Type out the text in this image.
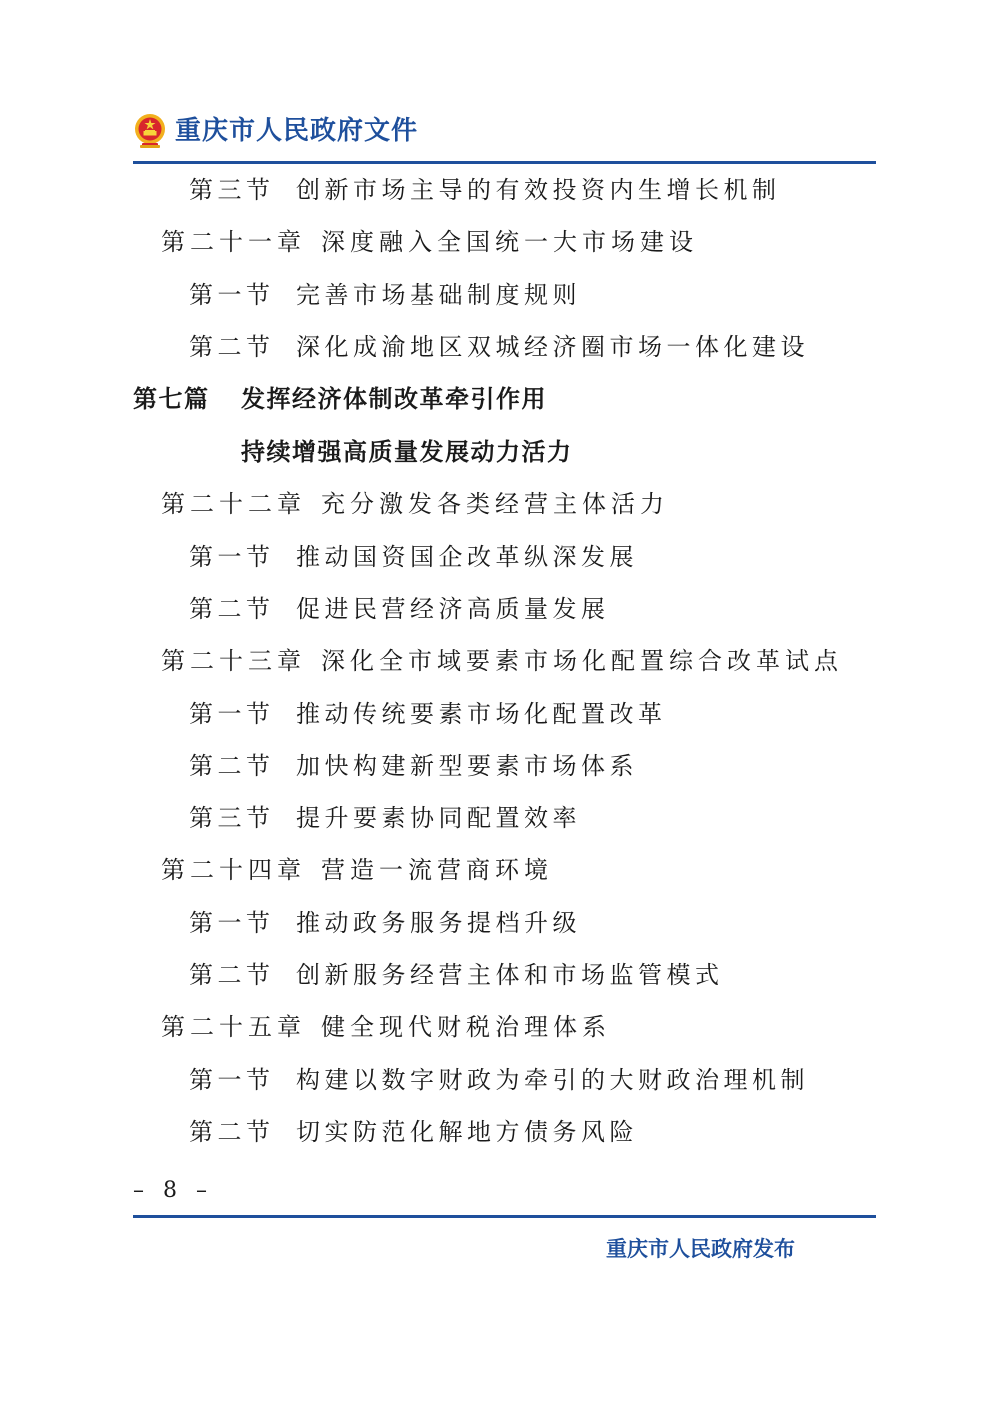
重庆市人民政府文件
第三节 创新市场主导的有效投资内生增长机制
第二十一章 深度融入全国统一大市场建设
第一节 完善市场基础制度规则
第二节 深化成渝地区双城经济圈市场一体化建设
第七篇 发挥经济体制改革牵引作用
持续增强高质量发展动力活力
第二十二章 充分激发各类经营主体活力
第一节 推动国资国企改革纵深发展
第二节 促进民营经济高质量发展
第二十三章 深化全市域要素市场化配置综合改革试点
第一节 推动传统要素市场化配置改革
第二节 加快构建新型要素市场体系
第三节 提升要素协同配置效率
第二十四章 营造一流营商环境
第一节 推动政务服务提档升级
第二节 创新服务经营主体和市场监管模式
第二十五章 健全现代财税治理体系
第一节 构建以数字财政为牵引的大财政治理机制
第二节 切实防范化解地方债务风险
– 8 –
重庆市人民政府发布
